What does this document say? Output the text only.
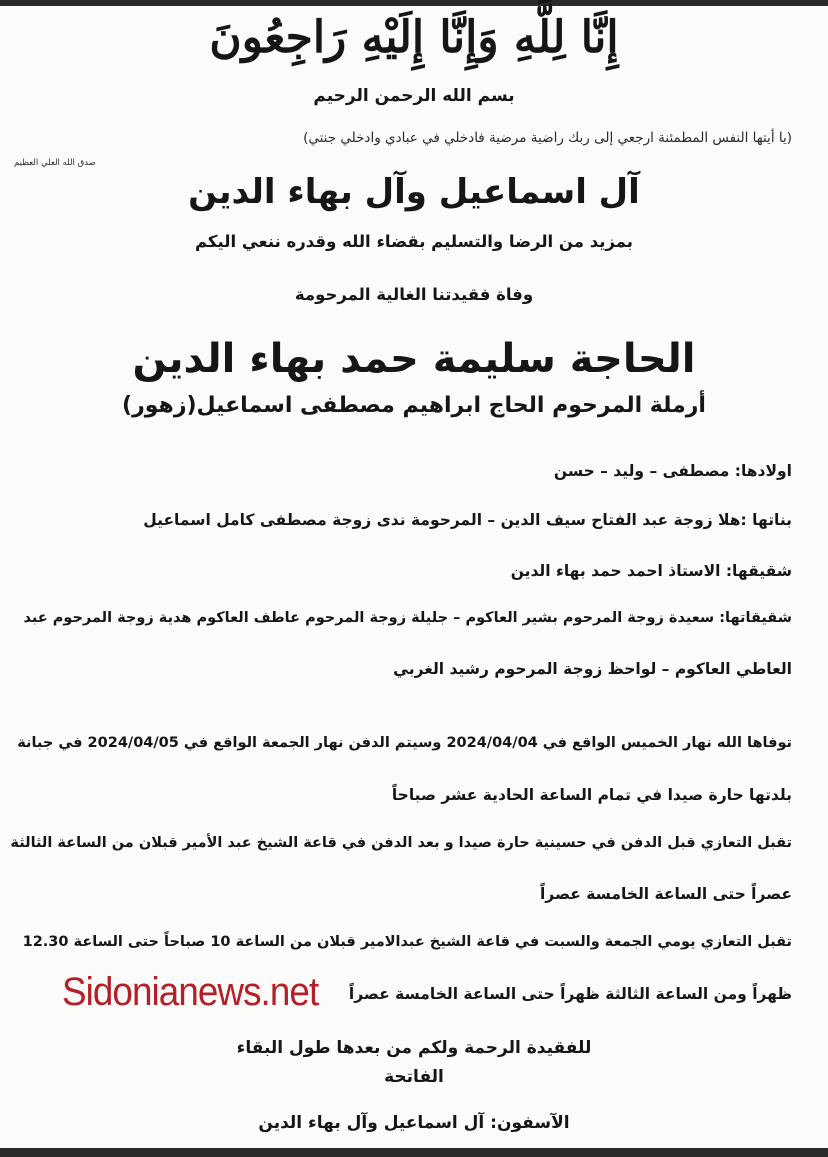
إِنَّا لِلَّهِ وَإِنَّا إِلَيْهِ رَاجِعُونَ
بسم الله الرحمن الرحيم
(يا أيتها النفس المطمئنة ارجعي إلى ربك راضية مرضية فادخلي في عبادي وادخلي جنتي)
صدق الله العلي العظيم
آل اسماعيل وآل بهاء الدين
بمزيد من الرضا والتسليم بقضاء الله وقدره ننعي اليكم
وفاة فقيدتنا الغالية المرحومة
الحاجة سليمة حمد بهاء الدين
أرملة المرحوم الحاج ابراهيم مصطفى اسماعيل(زهور)
اولادها: مصطفى – وليد – حسن
بناتها :هلا زوجة عبد الفتاح سيف الدين – المرحومة ندى زوجة مصطفى كامل اسماعيل
شقيقها: الاستاذ احمد حمد بهاء الدين
شقيقاتها: سعيدة زوجة المرحوم بشير العاكوم – جليلة زوجة المرحوم عاطف العاكوم هدية زوجة المرحوم عبد
العاطي العاكوم – لواحظ زوجة المرحوم رشيد الغربي
توفاها الله نهار الخميس الواقع في 2024/04/04 وسيتم الدفن نهار الجمعة الواقع في 2024/04/05 في جبانة
بلدتها حارة صيدا في تمام الساعة الحادية عشر صباحاً
تقبل التعازي قبل الدفن في حسينية حارة صيدا و بعد الدفن في قاعة الشيخ عبد الأمير قبلان من الساعة الثالثة
عصراً حتى الساعة الخامسة عصراً
تقبل التعازي يومي الجمعة والسبت في قاعة الشيخ عبدالامير قبلان من الساعة 10 صباحاً حتى الساعة 12.30
ظهراً ومن الساعة الثالثة ظهراً حتى الساعة الخامسة عصراً
Sidonianews.net
للفقيدة الرحمة ولكم من بعدها طول البقاء
الفاتحة
الآسفون: آل اسماعيل وآل بهاء الدين
